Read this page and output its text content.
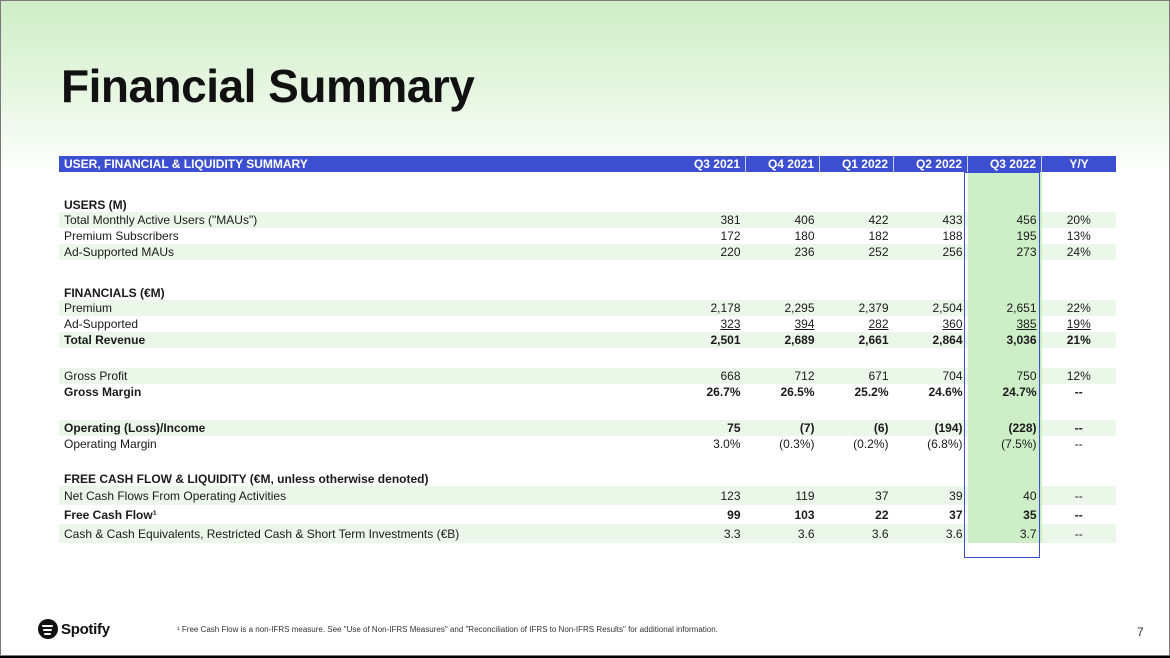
Financial Summary
USER, FINANCIAL & LIQUIDITY SUMMARY	Q3 2021	Q4 2021	Q1 2022	Q2 2022	Q3 2022	Y/Y

USERS (M)						
Total Monthly Active Users ("MAUs")	381	406	422	433	456	20%
Premium Subscribers	172	180	182	188	195	13%
Ad-Supported MAUs	220	236	252	256	273	24%

FINANCIALS (€M)						
Premium	2,178	2,295	2,379	2,504	2,651	22%
Ad-Supported	323	394	282	360	385	19%
Total Revenue	2,501	2,689	2,661	2,864	3,036	21%

Gross Profit	668	712	671	704	750	12%
Gross Margin	26.7%	26.5%	25.2%	24.6%	24.7%	--

Operating (Loss)/Income	75	(7)	(6)	(194)	(228)	--
Operating Margin	3.0%	(0.3%)	(0.2%)	(6.8%)	(7.5%)	--

FREE CASH FLOW & LIQUIDITY (€M, unless otherwise denoted)						
Net Cash Flows From Operating Activities	123	119	37	39	40	--
Free Cash Flow¹	99	103	22	37	35	--
Cash & Cash Equivalents, Restricted Cash & Short Term Investments (€B)	3.3	3.6	3.6	3.6	3.7	--
Spotify	¹ Free Cash Flow is a non-IFRS measure. See "Use of Non-IFRS Measures" and "Reconciliation of IFRS to Non-IFRS Results" for additional information.	7
